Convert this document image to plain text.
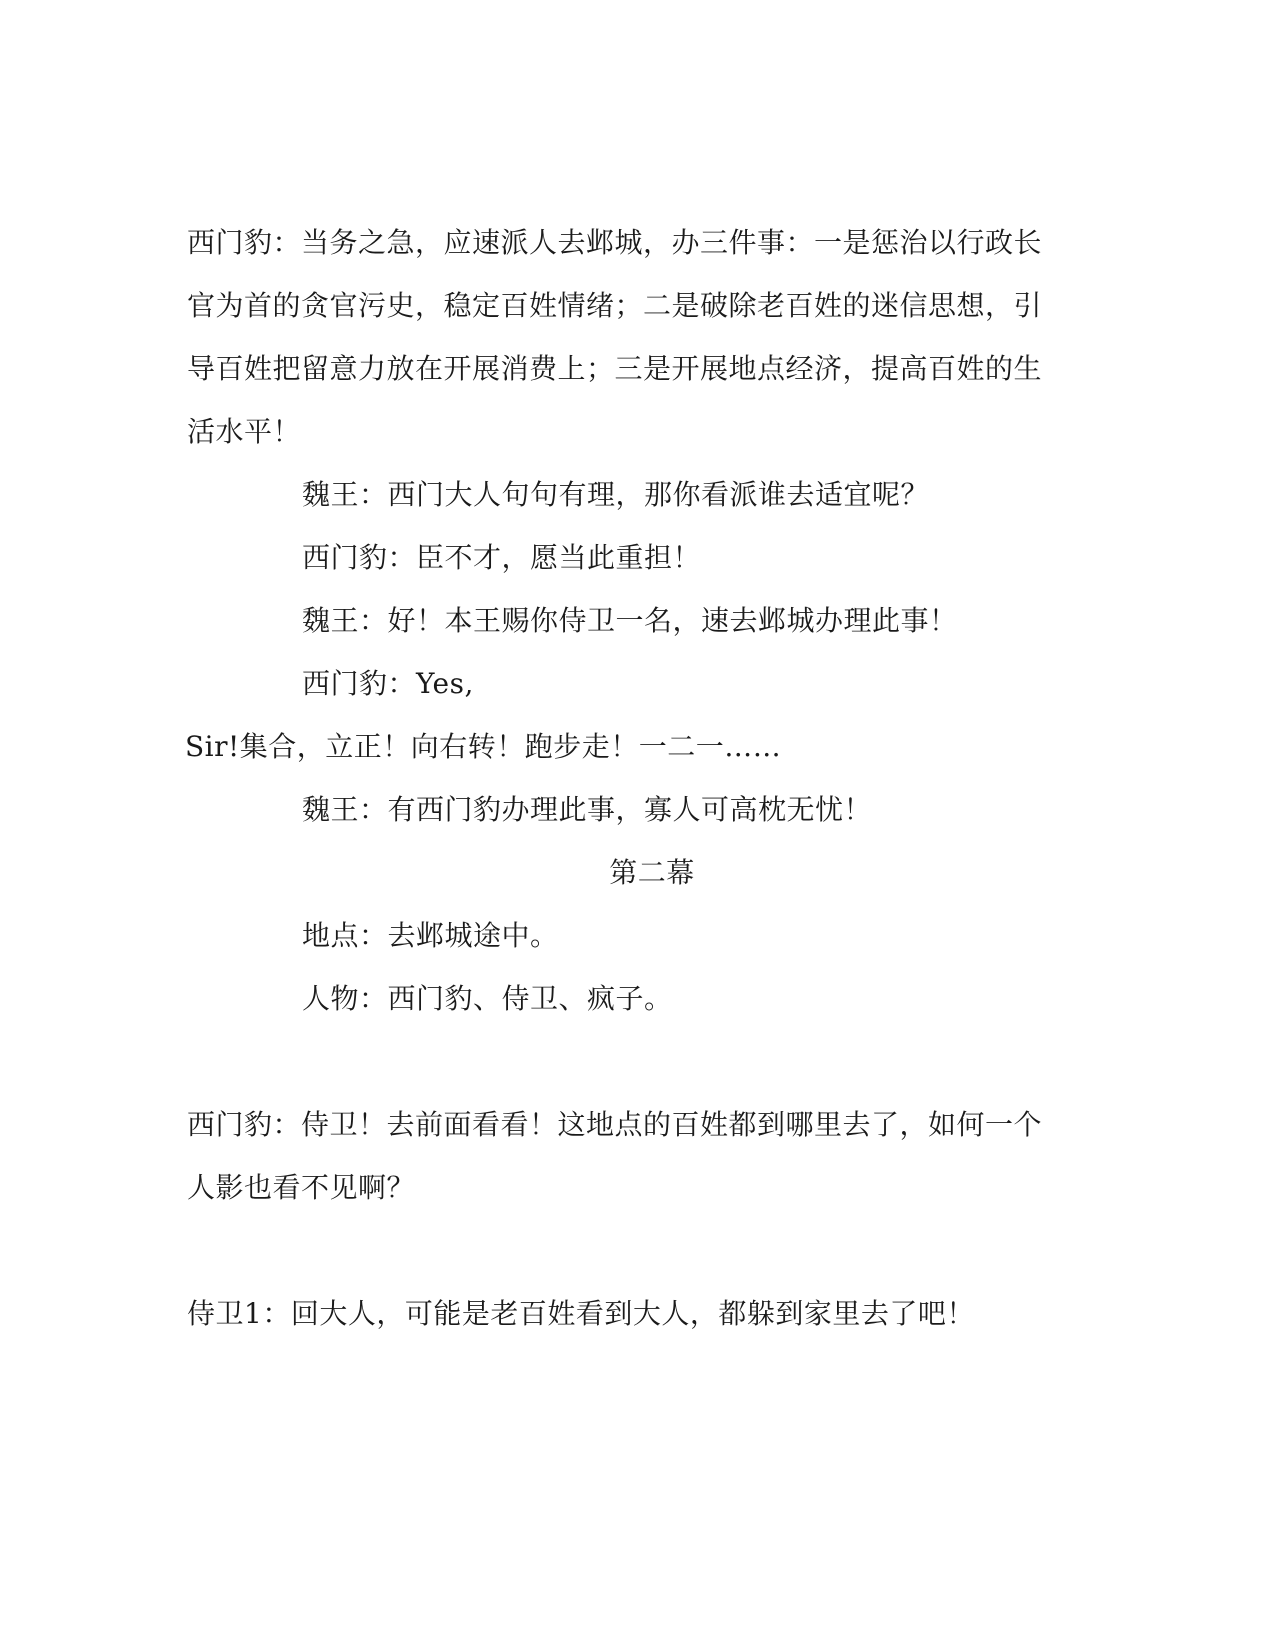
西门豹：当务之急，应速派人去邺城，办三件事：一是惩治以行政长
官为首的贪官污史，稳定百姓情绪；二是破除老百姓的迷信思想，引
导百姓把留意力放在开展消费上；三是开展地点经济，提高百姓的生
活水平！
魏王：西门大人句句有理，那你看派谁去适宜呢？
西门豹：臣不才，愿当此重担！
魏王：好！本王赐你侍卫一名，速去邺城办理此事！
西门豹：Yes,
Sir!集合，立正！向右转！跑步走！一二一……
魏王：有西门豹办理此事，寡人可高枕无忧！
第二幕
地点：去邺城途中。
人物：西门豹、侍卫、疯子。
西门豹：侍卫！去前面看看！这地点的百姓都到哪里去了，如何一个
人影也看不见啊？
侍卫1：回大人，可能是老百姓看到大人，都躲到家里去了吧！
